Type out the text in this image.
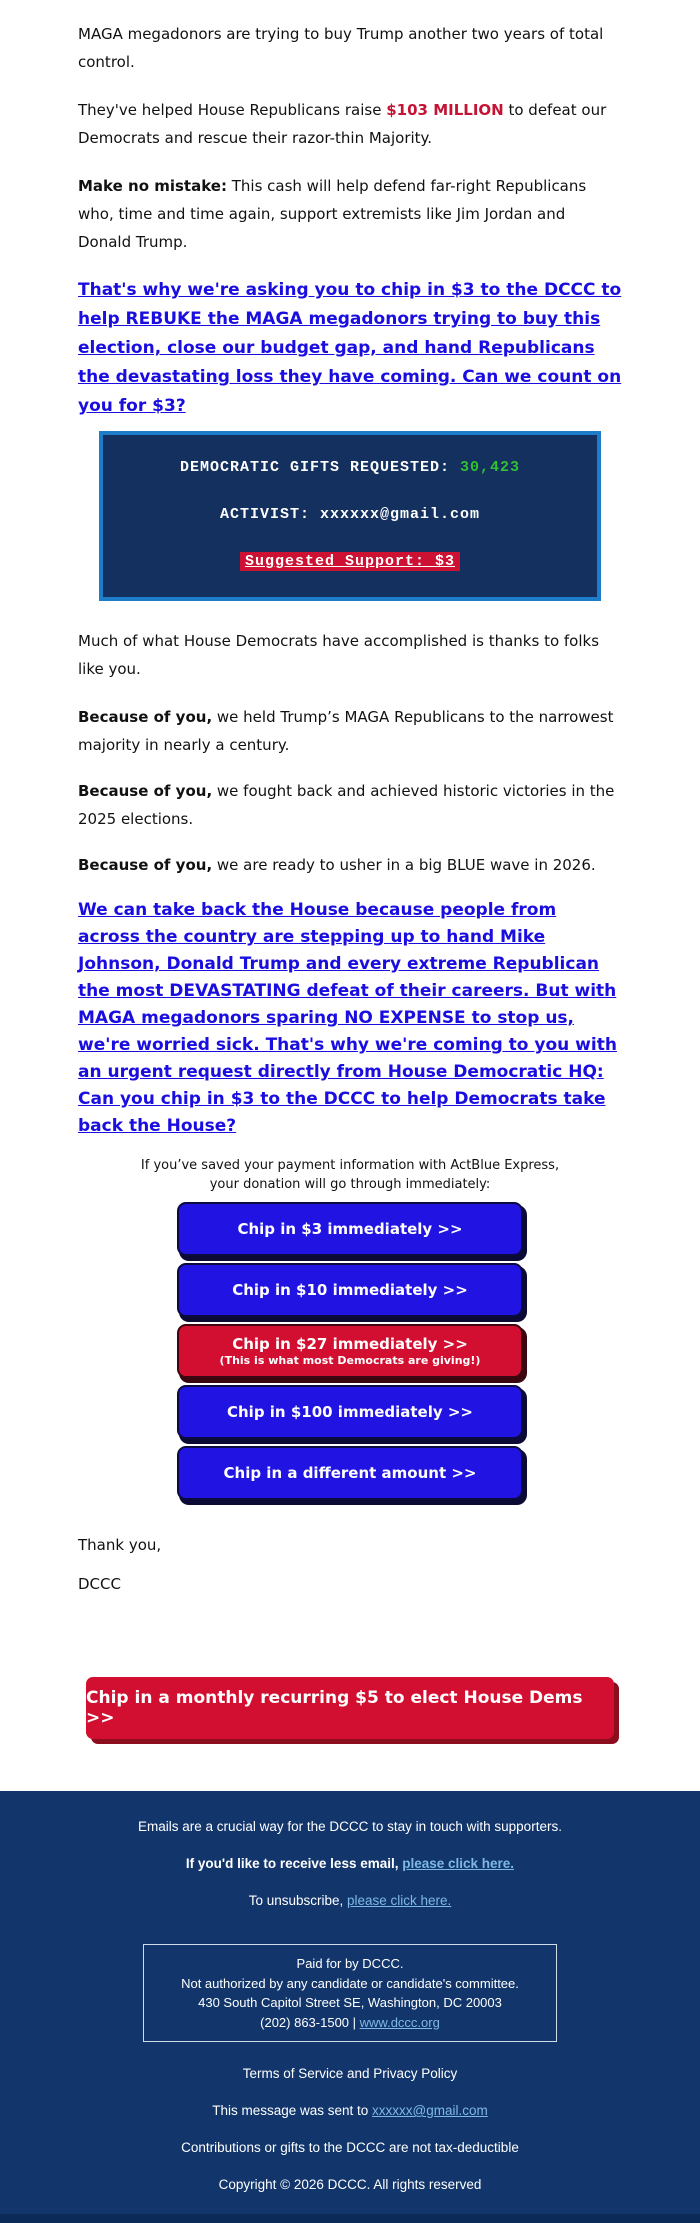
MAGA megadonors are trying to buy Trump another two years of total control.

They've helped House Republicans raise $103 MILLION to defeat our Democrats and rescue their razor-thin Majority.

Make no mistake: This cash will help defend far-right Republicans who, time and time again, support extremists like Jim Jordan and Donald Trump.

That's why we're asking you to chip in $3 to the DCCC to help REBUKE the MAGA megadonors trying to buy this election, close our budget gap, and hand Republicans the devastating loss they have coming. Can we count on you for $3?
DEMOCRATIC GIFTS REQUESTED: 30,423
ACTIVIST: xxxxxx@gmail.com
Suggested Support: $3

Much of what House Democrats have accomplished is thanks to folks like you.

Because of you, we held Trump’s MAGA Republicans to the narrowest majority in nearly a century.

Because of you, we fought back and achieved historic victories in the 2025 elections.

Because of you, we are ready to usher in a big BLUE wave in 2026.

We can take back the House because people from across the country are stepping up to hand Mike Johnson, Donald Trump and every extreme Republican the most DEVASTATING defeat of their careers. But with MAGA megadonors sparing NO EXPENSE to stop us, we're worried sick. That's why we're coming to you with an urgent request directly from House Democratic HQ: Can you chip in $3 to the DCCC to help Democrats take back the House?

If you’ve saved your payment information with ActBlue Express,
your donation will go through immediately:

Chip in $3 immediately >>
Chip in $10 immediately >>
Chip in $27 immediately >>
(This is what most Democrats are giving!)
Chip in $100 immediately >>
Chip in a different amount >>

Thank you,

DCCC

Chip in a monthly recurring $5 to elect House Dems >>
Emails are a crucial way for the DCCC to stay in touch with supporters.
If you'd like to receive less email, please click here.
To unsubscribe, please click here.
Paid for by DCCC.
Not authorized by any candidate or candidate's committee.
430 South Capitol Street SE, Washington, DC 20003
(202) 863-1500 | www.dccc.org
Terms of Service and Privacy Policy
This message was sent to xxxxxx@gmail.com
Contributions or gifts to the DCCC are not tax-deductible
Copyright © 2026 DCCC. All rights reserved
